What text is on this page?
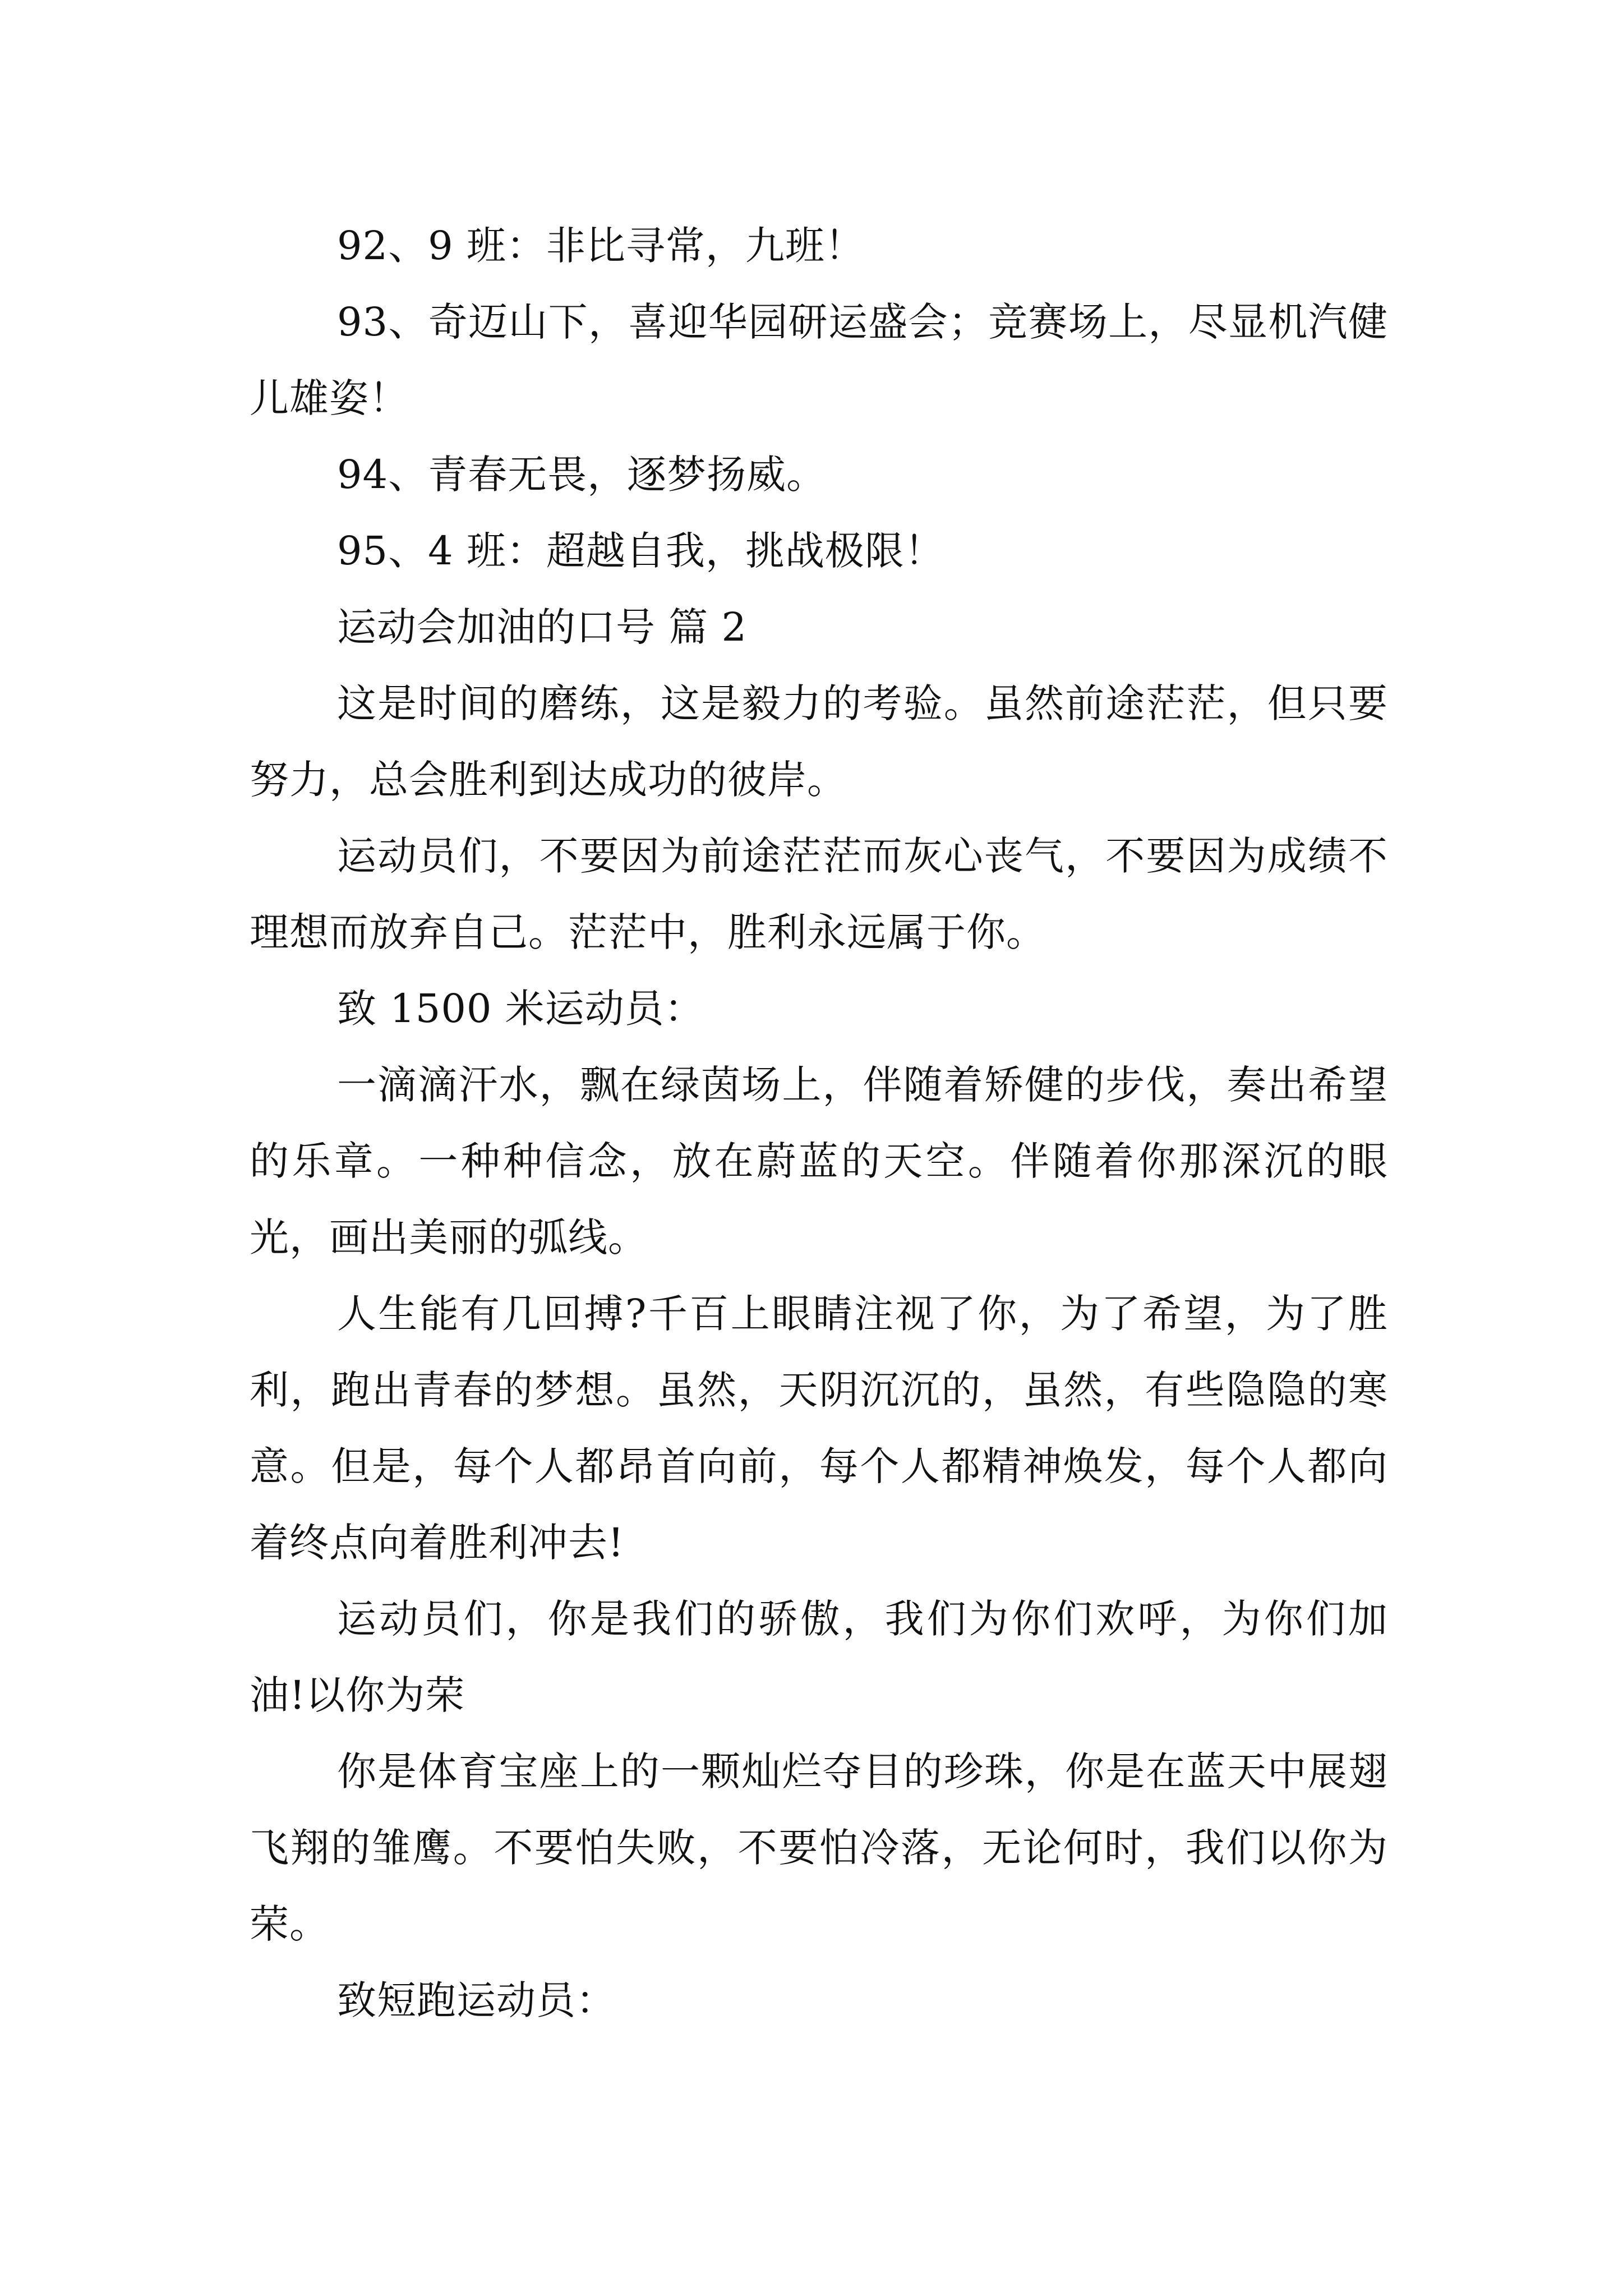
92、9 班：非比寻常，九班！

93、奇迈山下，喜迎华园研运盛会；竞赛场上，尽显机汽健儿雄姿！

94、青春无畏，逐梦扬威。

95、4 班：超越自我，挑战极限！

运动会加油的口号 篇 2

这是时间的磨练，这是毅力的考验。虽然前途茫茫，但只要努力，总会胜利到达成功的彼岸。

运动员们，不要因为前途茫茫而灰心丧气，不要因为成绩不理想而放弃自己。茫茫中，胜利永远属于你。

致 1500 米运动员：

一滴滴汗水，飘在绿茵场上，伴随着矫健的步伐，奏出希望的乐章。一种种信念，放在蔚蓝的天空。伴随着你那深沉的眼光，画出美丽的弧线。

人生能有几回搏?千百上眼睛注视了你，为了希望，为了胜利，跑出青春的梦想。虽然，天阴沉沉的，虽然，有些隐隐的寒意。但是，每个人都昂首向前，每个人都精神焕发，每个人都向着终点向着胜利冲去!

运动员们，你是我们的骄傲，我们为你们欢呼，为你们加油!以你为荣

你是体育宝座上的一颗灿烂夺目的珍珠，你是在蓝天中展翅飞翔的雏鹰。不要怕失败，不要怕冷落，无论何时，我们以你为荣。

致短跑运动员：
